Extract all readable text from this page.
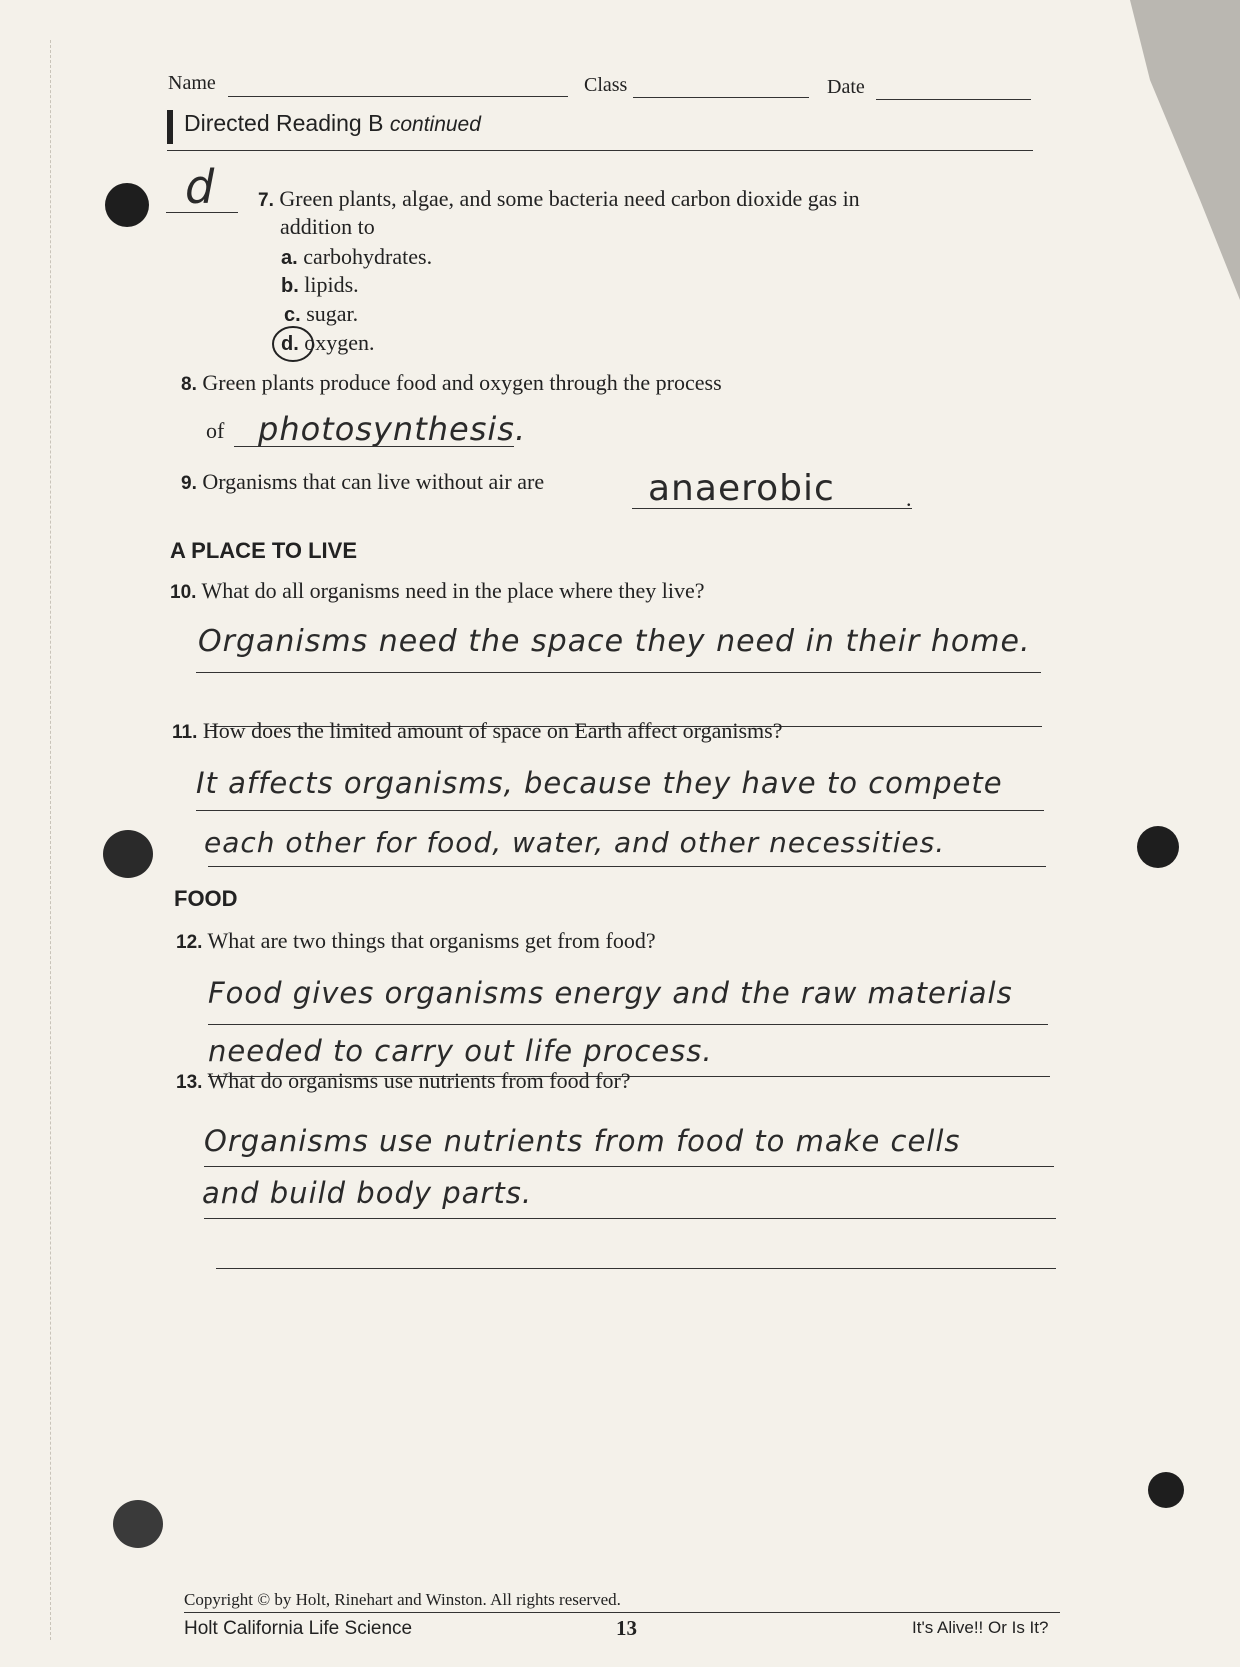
Name	Class	Date
Directed Reading B continued
d 7. Green plants, algae, and some bacteria need carbon dioxide gas in
addition to
a. carbohydrates.
b. lipids.
c. sugar.
d. oxygen.
8. Green plants produce food and oxygen through the process
of photosynthesis.
9. Organisms that can live without air are	anaerobic	.
A PLACE TO LIVE
10. What do all organisms need in the place where they live?
Organisms need the space they need in their home.
11. How does the limited amount of space on Earth affect organisms?
It affects organisms, because they have to compete
each other for food, water, and other necessities.
FOOD
12. What are two things that organisms get from food?
Food gives organisms energy and the raw materials
needed to carry out life process.
13. What do organisms use nutrients from food for?
Organisms use nutrients from food to make cells
and build body parts.
Copyright © by Holt, Rinehart and Winston. All rights reserved.
Holt California Life Science	13	It's Alive!! Or Is It?
